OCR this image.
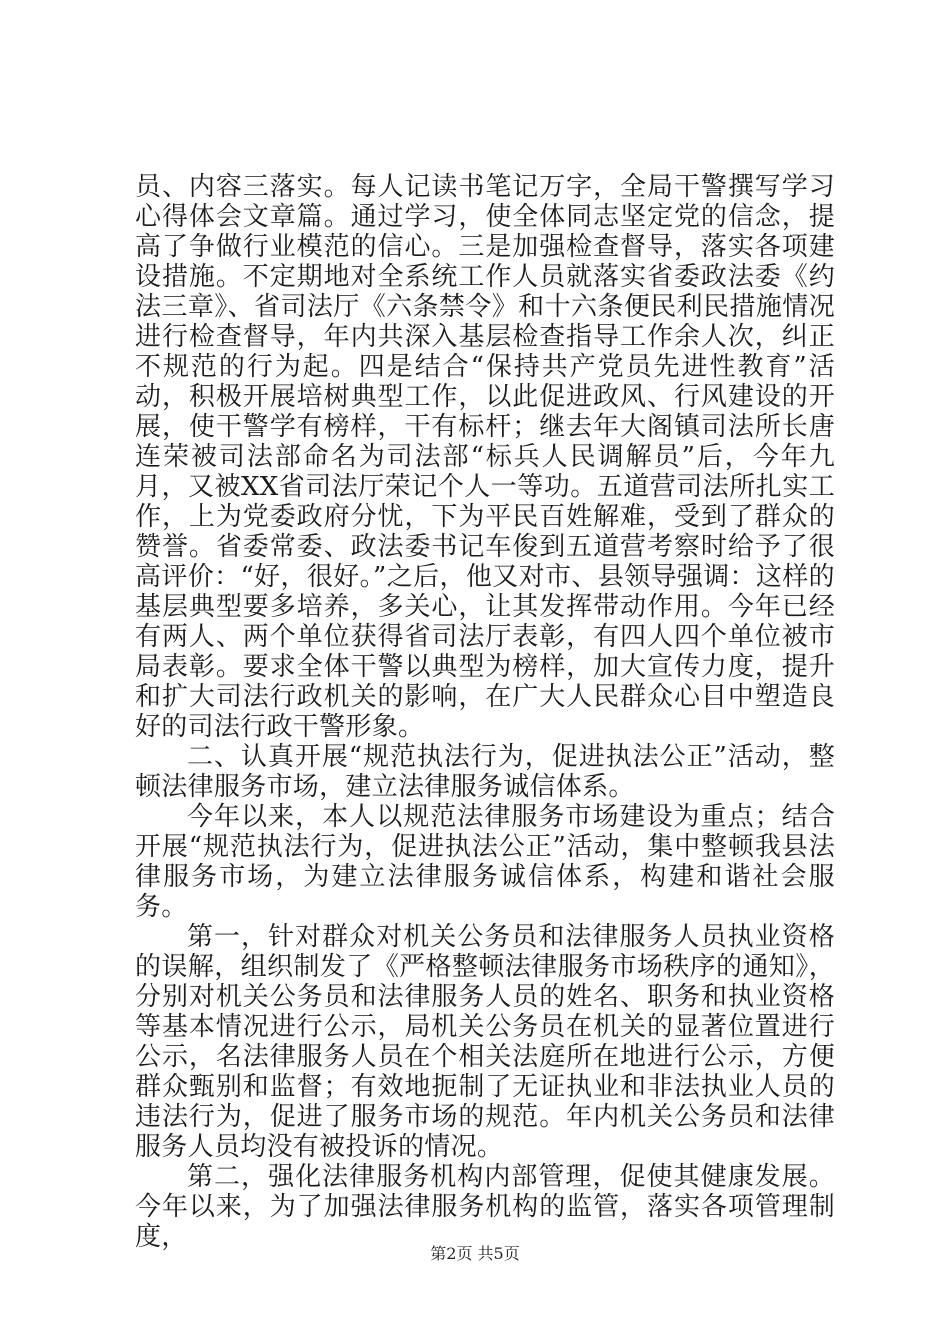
员、内容三落实。每人记读书笔记万字，全局干警撰写学习心得体会文章篇。通过学习，使全体同志坚定党的信念，提高了争做行业模范的信心。三是加强检查督导，落实各项建设措施。不定期地对全系统工作人员就落实省委政法委《约法三章》、省司法厅《六条禁令》和十六条便民利民措施情况进行检查督导，年内共深入基层检查指导工作余人次，纠正不规范的行为起。四是结合“保持共产党员先进性教育”活动，积极开展培树典型工作，以此促进政风、行风建设的开展，使干警学有榜样，干有标杆；继去年大阁镇司法所长唐连荣被司法部命名为司法部“标兵人民调解员”后，今年九月，又被XX省司法厅荣记个人一等功。五道营司法所扎实工作，上为党委政府分忧，下为平民百姓解难，受到了群众的赞誉。省委常委、政法委书记车俊到五道营考察时给予了很高评价：“好，很好。”之后，他又对市、县领导强调：这样的基层典型要多培养，多关心，让其发挥带动作用。今年已经有两人、两个单位获得省司法厅表彰，有四人四个单位被市局表彰。要求全体干警以典型为榜样，加大宣传力度，提升和扩大司法行政机关的影响，在广大人民群众心目中塑造良好的司法行政干警形象。

二、认真开展“规范执法行为，促进执法公正”活动，整顿法律服务市场，建立法律服务诚信体系。

今年以来，本人以规范法律服务市场建设为重点；结合开展“规范执法行为，促进执法公正”活动，集中整顿我县法律服务市场，为建立法律服务诚信体系，构建和谐社会服务。

第一，针对群众对机关公务员和法律服务人员执业资格的误解，组织制发了《严格整顿法律服务市场秩序的通知》，分别对机关公务员和法律服务人员的姓名、职务和执业资格等基本情况进行公示，局机关公务员在机关的显著位置进行公示，名法律服务人员在个相关法庭所在地进行公示，方便群众甄别和监督；有效地扼制了无证执业和非法执业人员的违法行为，促进了服务市场的规范。年内机关公务员和法律服务人员均没有被投诉的情况。

第二，强化法律服务机构内部管理，促使其健康发展。今年以来，为了加强法律服务机构的监管，落实各项管理制度，

第2页 共5页
